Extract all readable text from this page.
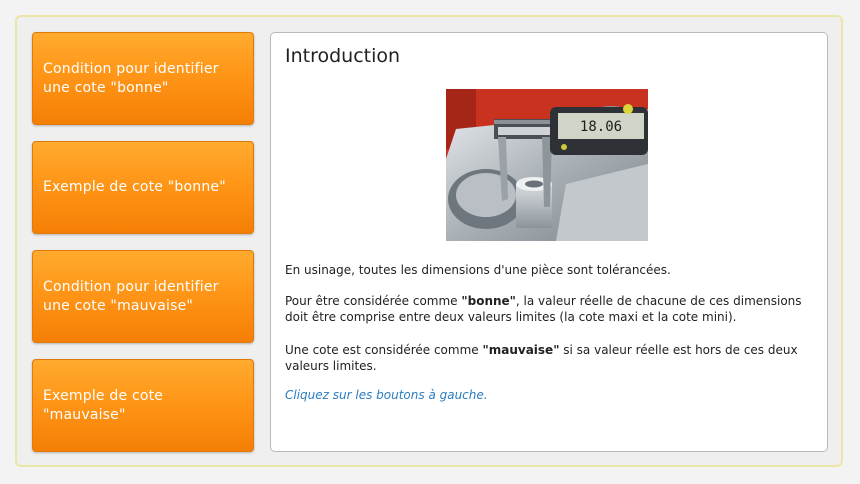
Condition pour identifier une cote "bonne"
Exemple de cote "bonne"
Condition pour identifier une cote "mauvaise"
Exemple de cote "mauvaise"
Introduction
18.06

En usinage, toutes les dimensions d'une pièce sont tolérancées.

Pour être considérée comme "bonne", la valeur réelle de chacune de ces dimensions doit être comprise entre deux valeurs limites (la cote maxi et la cote mini).

Une cote est considérée comme "mauvaise" si sa valeur réelle est hors de ces deux valeurs limites.

Cliquez sur les boutons à gauche.
